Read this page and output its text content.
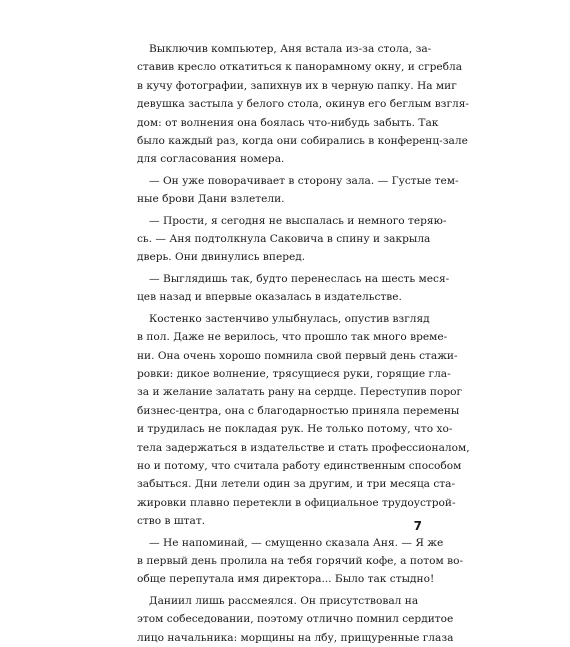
Выключив компьютер, Аня встала из-за стола, за-
ставив кресло откатиться к панорамному окну, и сгребла
в кучу фотографии, запихнув их в черную папку. На миг
девушка застыла у белого стола, окинув его беглым взгля-
дом: от волнения она боялась что-нибудь забыть. Так
было каждый раз, когда они собирались в конференц-зале
для согласования номера.
— Он уже поворачивает в сторону зала. — Густые тем-
ные брови Дани взлетели.
— Прости, я сегодня не выспалась и немного теряю-
сь. — Аня подтолкнула Саковича в спину и закрыла
дверь. Они двинулись вперед.
— Выглядишь так, будто перенеслась на шесть меся-
цев назад и впервые оказалась в издательстве.
Костенко застенчиво улыбнулась, опустив взгляд
в пол. Даже не верилось, что прошло так много време-
ни. Она очень хорошо помнила свой первый день стажи-
ровки: дикое волнение, трясущиеся руки, горящие гла-
за и желание залатать рану на сердце. Переступив порог
бизнес-центра, она с благодарностью приняла перемены
и трудилась не покладая рук. Не только потому, что хо-
тела задержаться в издательстве и стать профессионалом,
но и потому, что считала работу единственным способом
забыться. Дни летели один за другим, и три месяца ста-
жировки плавно перетекли в официальное трудоустрой-
ство в штат.
— Не напоминай, — смущенно сказала Аня. — Я же
в первый день пролила на тебя горячий кофе, а потом во-
обще перепутала имя директора... Было так стыдно!
Даниил лишь рассмеялся. Он присутствовал на
этом собеседовании, поэтому отлично помнил сердитое
лицо начальника: морщины на лбу, прищуренные глаза
7
